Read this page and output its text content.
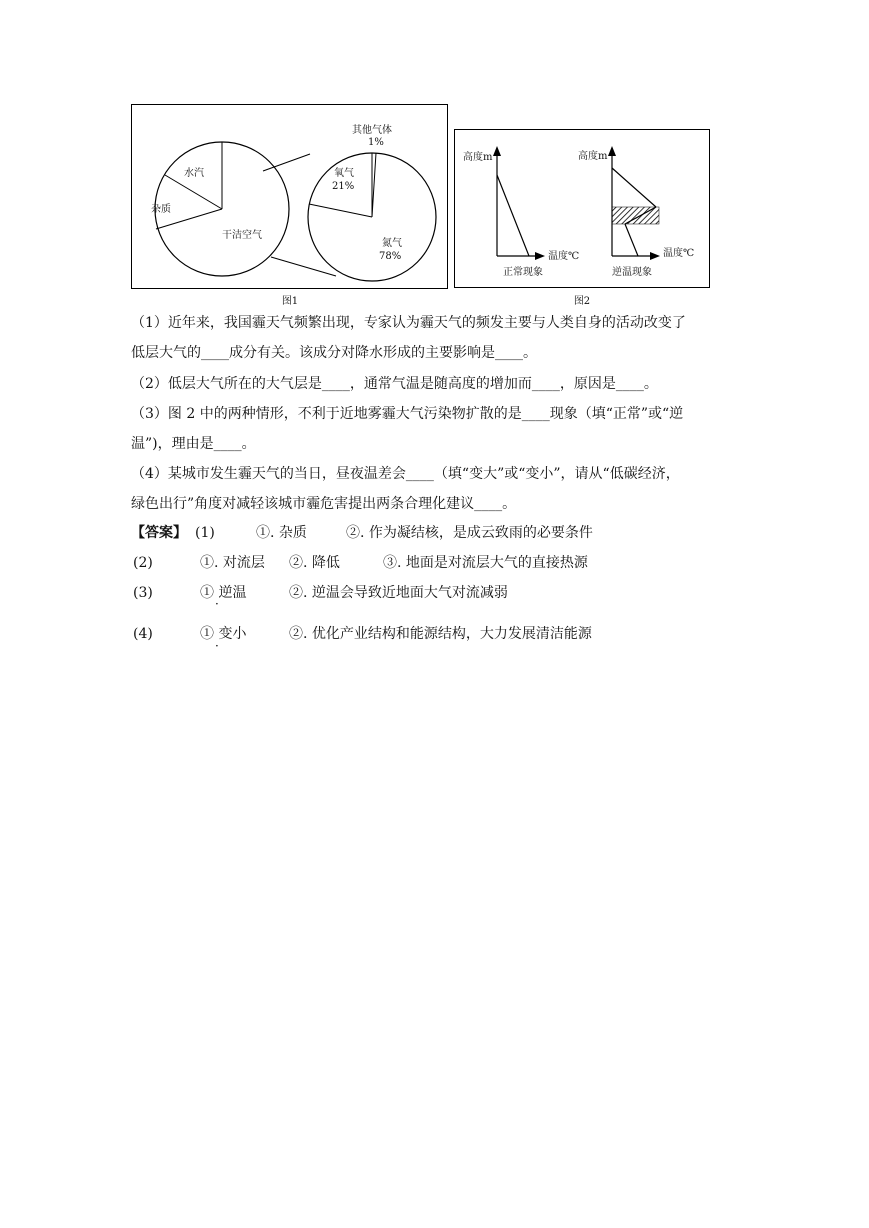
水汽
杂质
干洁空气
其他气体
1%
氧气
21%
氮气
78%
图1
高度m
温度℃
正常现象
高度m
温度℃
逆温现象
图2
（1）近年来，我国霾天气频繁出现，专家认为霾天气的频发主要与人类自身的活动改变了
低层大气的____成分有关。该成分对降水形成的主要影响是____。
（2）低层大气所在的大气层是____，通常气温是随高度的增加而____，原因是____。
（3）图 2 中的两种情形，不利于近地雾霾大气污染物扩散的是____现象（填“正常”或“逆
温”)，理由是____。
（4）某城市发生霾天气的当日，昼夜温差会____（填“变大”或“变小”，请从“低碳经济，
绿色出行”角度对减轻该城市霾危害提出两条合理化建议____。
【答案】 (1)	①. 杂质	②. 作为凝结核，是成云致雨的必要条件
(2)	①. 对流层 ②. 降低	③. 地面是对流层大气的直接热源
(3)	① 逆温	②. 逆温会导致近地面大气对流减弱
·
(4)	① 变小	②. 优化产业结构和能源结构，大力发展清洁能源
·
